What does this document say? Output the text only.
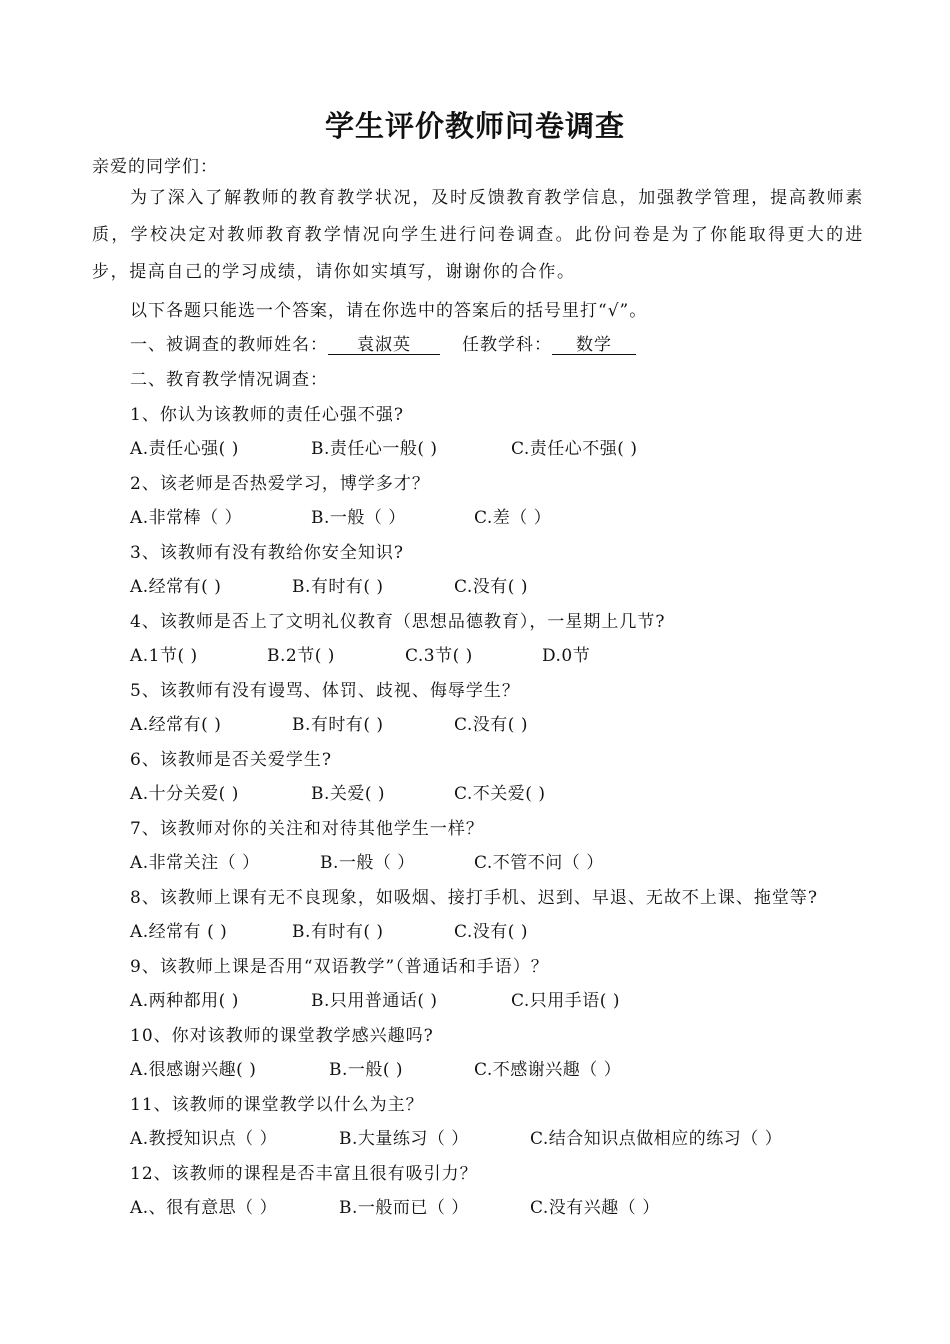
学生评价教师问卷调查
亲爱的同学们：
为了深入了解教师的教育教学状况，及时反馈教育教学信息，加强教学管理，提高教师素质，学校决定对教师教育教学情况向学生进行问卷调查。此份问卷是为了你能取得更大的进步，提高自己的学习成绩，请你如实填写，谢谢你的合作。
以下各题只能选一个答案，请在你选中的答案后的括号里打“√”。
一、被调查的教师姓名： 袁淑英	任教学科： 数学
二、教育教学情况调查：
1、你认为该教师的责任心强不强?
A.责任心强( )	B.责任心一般( )	C.责任心不强( )
2、该老师是否热爱学习，博学多才？
A.非常棒（ ）	B.一般（ ）	C.差（ ）
3、该教师有没有教给你安全知识?
A.经常有( )	B.有时有( )	C.没有( )
4、该教师是否上了文明礼仪教育（思想品德教育），一星期上几节?
A.1节( )	B.2节( )	C.3节( )	D.0节
5、该教师有没有谩骂、体罚、歧视、侮辱学生？
A.经常有( )	B.有时有( )	C.没有( )
6、该教师是否关爱学生?
A.十分关爱( )	B.关爱( )	C.不关爱( )
7、该教师对你的关注和对待其他学生一样？
A.非常关注（ ）	B.一般（ ）	C.不管不问（ ）
8、该教师上课有无不良现象，如吸烟、接打手机、迟到、早退、无故不上课、拖堂等?
A.经常有 ( )	B.有时有( )	C.没有( )
9、该教师上课是否用“双语教学”（普通话和手语）？
A.两种都用( )	B.只用普通话( )	C.只用手语( )
10、你对该教师的课堂教学感兴趣吗?
A.很感谢兴趣( )	B.一般( )	C.不感谢兴趣（ ）
11、该教师的课堂教学以什么为主？
A.教授知识点（ ）	B.大量练习（ ）	C.结合知识点做相应的练习（ ）
12、该教师的课程是否丰富且很有吸引力？
A.、很有意思（ ）	B.一般而已（ ）	C.没有兴趣（ ）
